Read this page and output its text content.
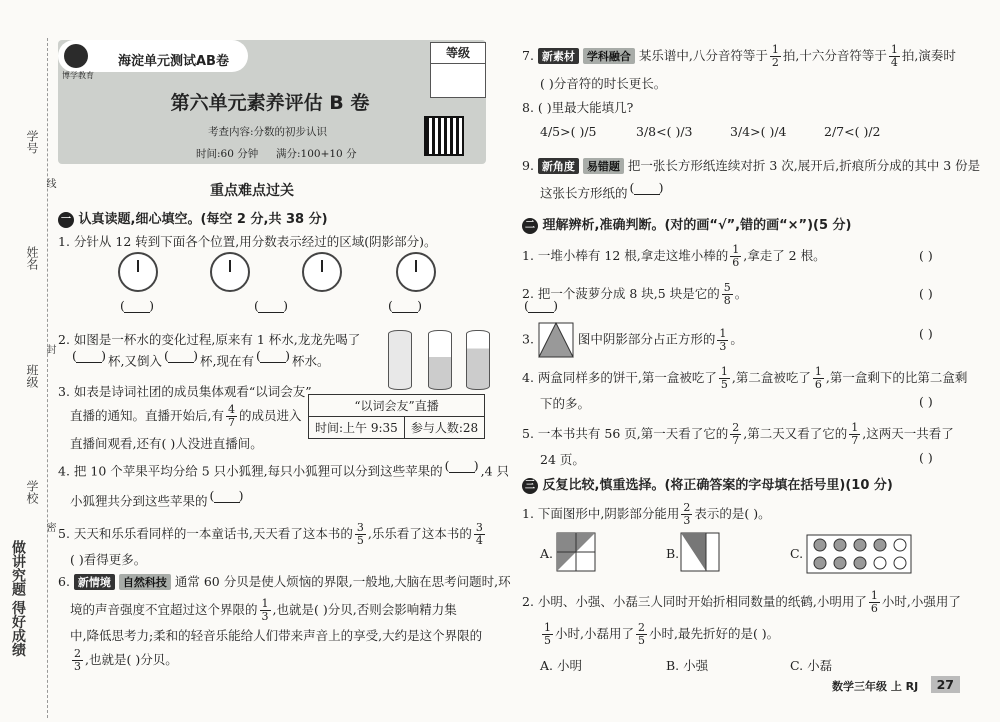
学号
姓名
班级
学校
线
封
密
做讲究题 得好成绩
博学教育
海淀单元测试AB卷
等级
第六单元素养评估 B 卷
考查内容:分数的初步认识
时间:60 分钟 满分:100+10 分
重点难点过关
一 认真读题,细心填空。(每空 2 分,共 38 分)
1. 分针从 12 转到下面各个位置,用分数表示经过的区域(阴影部分)。
(
) (
) (
) (
)
2. 如图是一杯水的变化过程,原来有 1 杯水,龙龙先喝了
(
)杯,又倒入 (
)	杯,现在有 (
)	杯水。
3. 如表是诗词社团的成员集体观看“以词会友”
直播的通知。直播开始后,有 $\frac{4}{7}$ 的成员进入
直播间观看,还有( )人没进直播间。
“以词会友”直播
时间:上午 9:35	参与人数:28
4. 把 10 个苹果平均分给 5 只小狐狸,每只小狐狸可以分到这些苹果的 (
)	,4 只
小狐狸共分到这些苹果的(
)
5. 天天和乐乐看同样的一本童话书,天天看了这本书的 $\frac{3}{5}$ ,乐乐看了这本书的 $\frac{3}{4}$
( )看得更多。
6. 新情境 自然科技 通常 60 分贝是使人烦恼的界限,一般地,大脑在思考问题时,环
境的声音强度不宜超过这个界限的 $\frac{1}{3}$ ,也就是( )分贝,否则会影响精力集
中,降低思考力;柔和的轻音乐能给人们带来声音上的享受,大约是这个界限的
$\frac{2}{3}$ ,也就是( )分贝。
7. 新素材 学科融合 某乐谱中,八分音符等于 $\frac{1}{2}$ 拍,十六分音符等于 $\frac{1}{4}$ 拍,演奏时
( )分音符的时长更长。
8. ( )里最大能填几?
4/5>( )/5	3/8<( )/3	3/4>( )/4	2/7<( )/2
9. 新角度 易错题 把一张长方形纸连续对折 3 次,展开后,折痕所分成的其中 3 份是
这张长方形纸的(
)
二 理解辨析,准确判断。(对的画“√”,错的画“×”)(5 分)
1. 一堆小棒有 12 根,拿走这堆小棒的 $\frac{1}{6}$ ,拿走了 2 根。
2. 把一个菠萝分成 8 块,5 块是它的 $\frac{5}{8}$ 。
3.	图中阴影部分占正方形的 $\frac{1}{3}$ 。
4. 两盒同样多的饼干,第一盒被吃了 $\frac{1}{5}$ ,第二盒被吃了 $\frac{1}{6}$ ,第一盒剩下的比第二盒剩
下的多。
5. 一本书共有 56 页,第一天看了它的 $\frac{2}{7}$ ,第二天又看了它的 $\frac{1}{7}$ ,这两天一共看了
24 页。
( )
( )
( )
( )
( )
三 反复比较,慎重选择。(将正确答案的字母填在括号里)(10 分)
1. 下面图形中,阴影部分能用 $\frac{2}{3}$ 表示的是( )。
A.	B.	C.
2. 小明、小强、小磊三人同时开始折相同数量的纸鹤,小明用了 $\frac{1}{6}$ 小时,小强用了
$\frac{1}{5}$ 小时,小磊用了 $\frac{2}{5}$ 小时,最先折好的是( )。
A. 小明	B. 小强	C. 小磊
数学三年级 上 RJ	27
